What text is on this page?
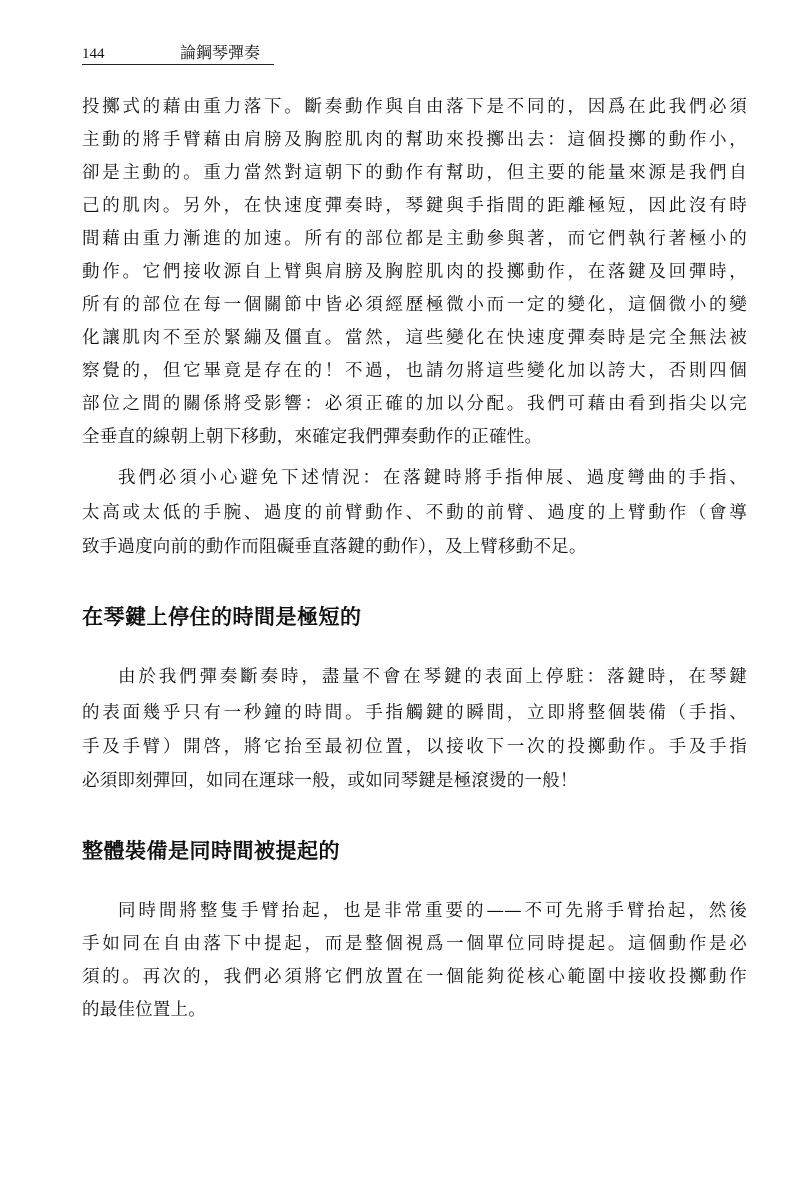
144	論鋼琴彈奏
投擲式的藉由重力落下。斷奏動作與自由落下是不同的，因爲在此我們必須
主動的將手臂藉由肩膀及胸腔肌肉的幫助來投擲出去：這個投擲的動作小，
卻是主動的。重力當然對這朝下的動作有幫助，但主要的能量來源是我們自
己的肌肉。另外，在快速度彈奏時，琴鍵與手指間的距離極短，因此沒有時
間藉由重力漸進的加速。所有的部位都是主動參與著，而它們執行著極小的
動作。它們接收源自上臂與肩膀及胸腔肌肉的投擲動作，在落鍵及回彈時，
所有的部位在每一個關節中皆必須經歷極微小而一定的變化，這個微小的變
化讓肌肉不至於緊繃及僵直。當然，這些變化在快速度彈奏時是完全無法被
察覺的，但它畢竟是存在的！不過，也請勿將這些變化加以誇大，否則四個
部位之間的關係將受影響：必須正確的加以分配。我們可藉由看到指尖以完
全垂直的線朝上朝下移動，來確定我們彈奏動作的正確性。
我們必須小心避免下述情況：在落鍵時將手指伸展、過度彎曲的手指、
太高或太低的手腕、過度的前臂動作、不動的前臂、過度的上臂動作（會導
致手過度向前的動作而阻礙垂直落鍵的動作），及上臂移動不足。
在琴鍵上停住的時間是極短的
由於我們彈奏斷奏時，盡量不會在琴鍵的表面上停駐：落鍵時，在琴鍵
的表面幾乎只有一秒鐘的時間。手指觸鍵的瞬間，立即將整個裝備（手指、
手及手臂）開啓，將它抬至最初位置，以接收下一次的投擲動作。手及手指
必須即刻彈回，如同在運球一般，或如同琴鍵是極滾燙的一般！
整體裝備是同時間被提起的
同時間將整隻手臂抬起，也是非常重要的——不可先將手臂抬起，然後
手如同在自由落下中提起，而是整個視爲一個單位同時提起。這個動作是必
須的。再次的，我們必須將它們放置在一個能夠從核心範圍中接收投擲動作
的最佳位置上。
